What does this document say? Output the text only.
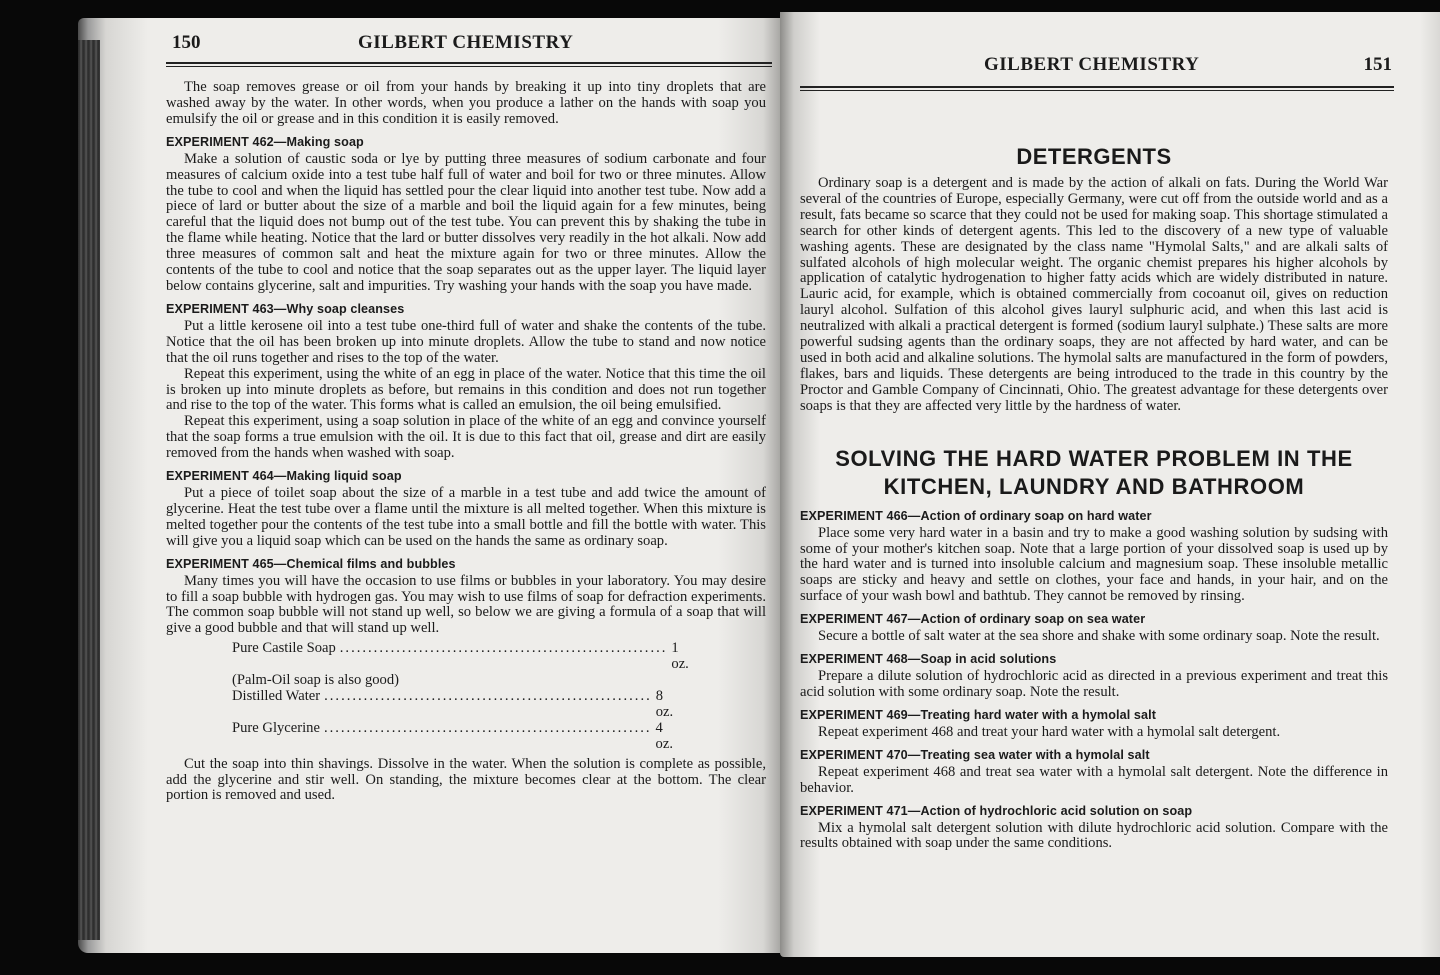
150	GILBERT CHEMISTRY

The soap removes grease or oil from your hands by breaking it up into tiny droplets that are washed away by the water. In other words, when you produce a lather on the hands with soap you emulsify the oil or grease and in this condition it is easily removed.

EXPERIMENT 462—Making soap

Make a solution of caustic soda or lye by putting three measures of sodium carbonate and four measures of calcium oxide into a test tube half full of water and boil for two or three minutes. Allow the tube to cool and when the liquid has settled pour the clear liquid into another test tube. Now add a piece of lard or butter about the size of a marble and boil the liquid again for a few minutes, being careful that the liquid does not bump out of the test tube. You can prevent this by shaking the tube in the flame while heating. Notice that the lard or butter dissolves very readily in the hot alkali. Now add three measures of common salt and heat the mixture again for two or three minutes. Allow the contents of the tube to cool and notice that the soap separates out as the upper layer. The liquid layer below contains glycerine, salt and impurities. Try washing your hands with the soap you have made.

EXPERIMENT 463—Why soap cleanses

Put a little kerosene oil into a test tube one-third full of water and shake the contents of the tube. Notice that the oil has been broken up into minute droplets. Allow the tube to stand and now notice that the oil runs together and rises to the top of the water.

Repeat this experiment, using the white of an egg in place of the water. Notice that this time the oil is broken up into minute droplets as before, but remains in this condition and does not run together and rise to the top of the water. This forms what is called an emulsion, the oil being emulsified.

Repeat this experiment, using a soap solution in place of the white of an egg and convince yourself that the soap forms a true emulsion with the oil. It is due to this fact that oil, grease and dirt are easily removed from the hands when washed with soap.

EXPERIMENT 464—Making liquid soap

Put a piece of toilet soap about the size of a marble in a test tube and add twice the amount of glycerine. Heat the test tube over a flame until the mixture is all melted together. When this mixture is melted together pour the contents of the test tube into a small bottle and fill the bottle with water. This will give you a liquid soap which can be used on the hands the same as ordinary soap.

EXPERIMENT 465—Chemical films and bubbles

Many times you will have the occasion to use films or bubbles in your laboratory. You may desire to fill a soap bubble with hydrogen gas. You may wish to use films of soap for defraction experiments. The common soap bubble will not stand up well, so below we are giving a formula of a soap that will give a good bubble and that will stand up well.

Pure Castile Soap .......................................................... 1 oz.
(Palm-Oil soap is also good)
Distilled Water .......................................................... 8 oz.
Pure Glycerine .......................................................... 4 oz.

Cut the soap into thin shavings. Dissolve in the water. When the solution is complete as possible, add the glycerine and stir well. On standing, the mixture becomes clear at the bottom. The clear portion is removed and used.

GILBERT CHEMISTRY	151
DETERGENTS

Ordinary soap is a detergent and is made by the action of alkali on fats. During the World War several of the countries of Europe, especially Germany, were cut off from the outside world and as a result, fats became so scarce that they could not be used for making soap. This shortage stimulated a search for other kinds of detergent agents. This led to the discovery of a new type of valuable washing agents. These are designated by the class name "Hymolal Salts," and are alkali salts of sulfated alcohols of high molecular weight. The organic chemist prepares his higher alcohols by application of catalytic hydrogenation to higher fatty acids which are widely distributed in nature. Lauric acid, for example, which is obtained commercially from cocoanut oil, gives on reduction lauryl alcohol. Sulfation of this alcohol gives lauryl sulphuric acid, and when this last acid is neutralized with alkali a practical detergent is formed (sodium lauryl sulphate.) These salts are more powerful sudsing agents than the ordinary soaps, they are not affected by hard water, and can be used in both acid and alkaline solutions. The hymolal salts are manufactured in the form of powders, flakes, bars and liquids. These detergents are being introduced to the trade in this country by the Proctor and Gamble Company of Cincinnati, Ohio. The greatest advantage for these detergents over soaps is that they are affected very little by the hardness of water.

SOLVING THE HARD WATER PROBLEM IN THE
KITCHEN, LAUNDRY AND BATHROOM
EXPERIMENT 466—Action of ordinary soap on hard water

Place some very hard water in a basin and try to make a good washing solution by sudsing with some of your mother's kitchen soap. Note that a large portion of your dissolved soap is used up by the hard water and is turned into insoluble calcium and magnesium soap. These insoluble metallic soaps are sticky and heavy and settle on clothes, your face and hands, in your hair, and on the surface of your wash bowl and bathtub. They cannot be removed by rinsing.

EXPERIMENT 467—Action of ordinary soap on sea water

Secure a bottle of salt water at the sea shore and shake with some ordinary soap. Note the result.

EXPERIMENT 468—Soap in acid solutions

Prepare a dilute solution of hydrochloric acid as directed in a previous experiment and treat this acid solution with some ordinary soap. Note the result.

EXPERIMENT 469—Treating hard water with a hymolal salt

Repeat experiment 468 and treat your hard water with a hymolal salt detergent.

EXPERIMENT 470—Treating sea water with a hymolal salt

Repeat experiment 468 and treat sea water with a hymolal salt detergent. Note the difference in behavior.

EXPERIMENT 471—Action of hydrochloric acid solution on soap

Mix a hymolal salt detergent solution with dilute hydrochloric acid solution. Compare with the results obtained with soap under the same conditions.
